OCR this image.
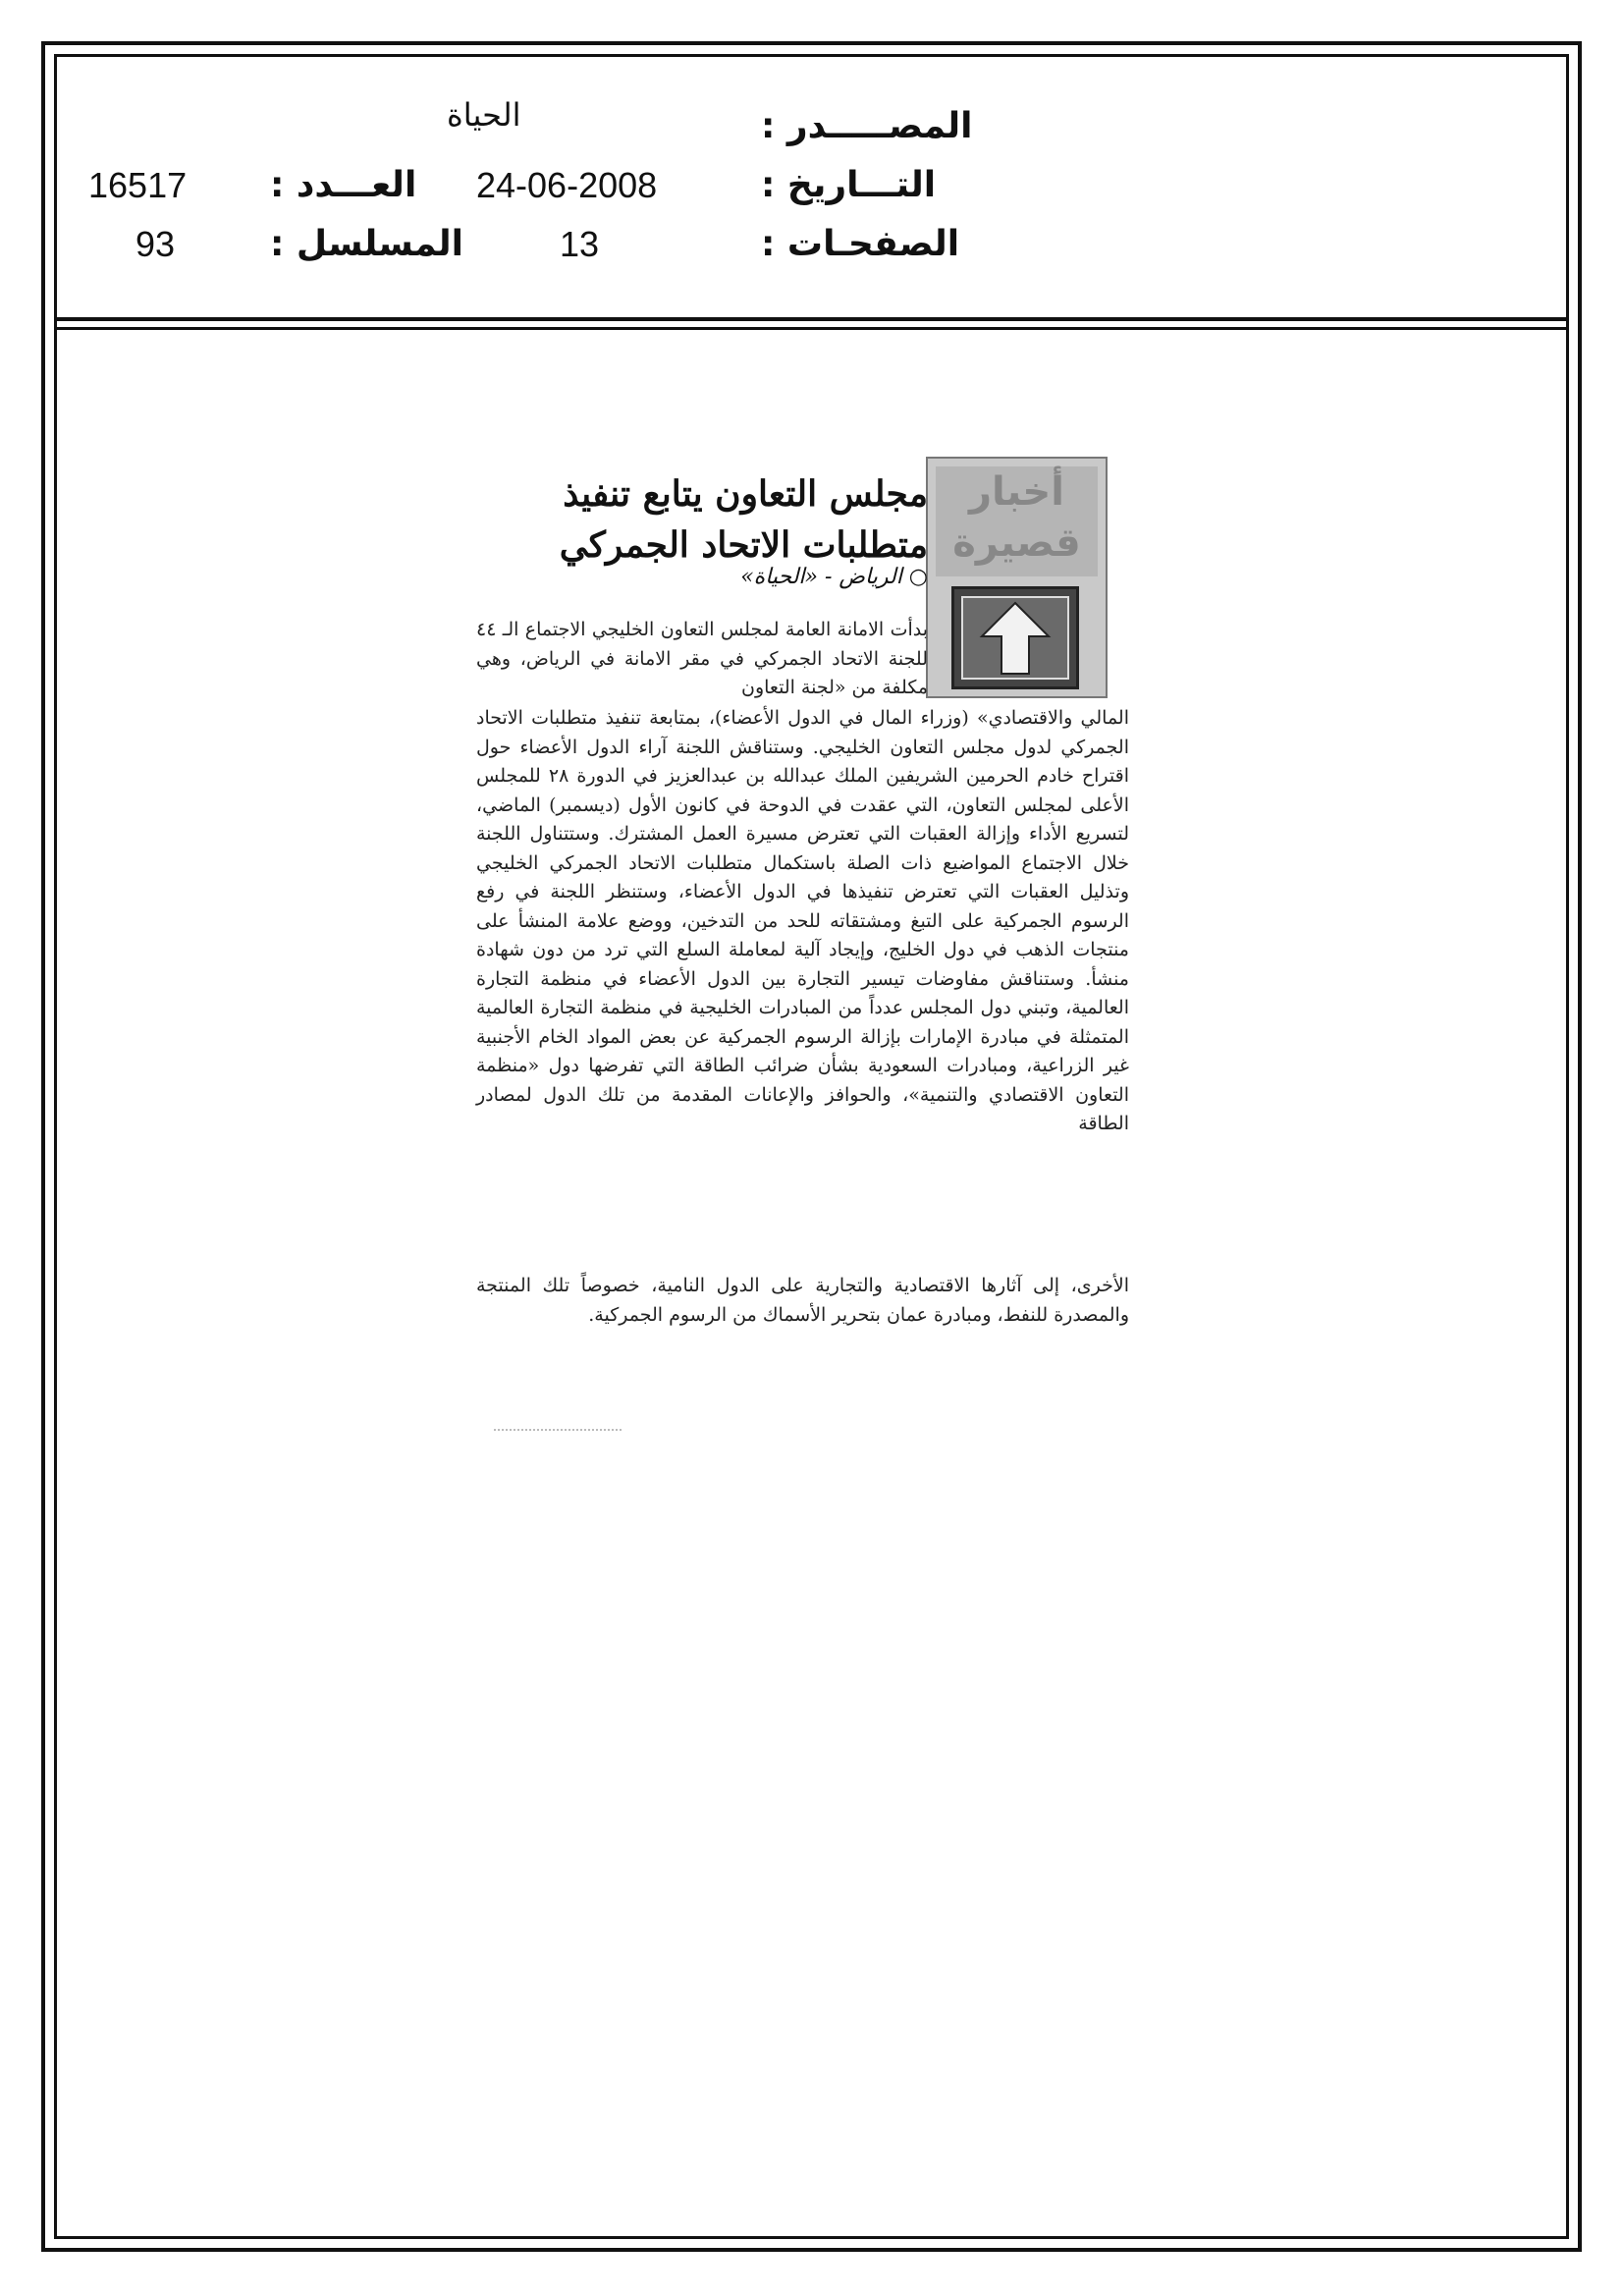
المصـــــدر :
الحياة
التـــاريخ :
24-06-2008
العـــدد :
16517
الصفحـات :
13
المسلسل :
93
أخبار قصيرة
مجلس التعاون يتابع تنفيذ
متطلبات الاتحاد الجمركي
○ الرياض - «الحياة»
بدأت الامانة العامة لمجلس التعاون الخليجي الاجتماع الـ ٤٤ للجنة الاتحاد الجمركي في مقر الامانة في الرياض، وهي مكلفة من «لجنة التعاون
المالي والاقتصادي» (وزراء المال في الدول الأعضاء)، بمتابعة تنفيذ متطلبات الاتحاد الجمركي لدول مجلس التعاون الخليجي. وستناقش اللجنة آراء الدول الأعضاء حول اقتراح خادم الحرمين الشريفين الملك عبدالله بن عبدالعزيز في الدورة ٢٨ للمجلس الأعلى لمجلس التعاون، التي عقدت في الدوحة في كانون الأول (ديسمبر) الماضي، لتسريع الأداء وإزالة العقبات التي تعترض مسيرة العمل المشترك. وستتناول اللجنة خلال الاجتماع المواضيع ذات الصلة باستكمال متطلبات الاتحاد الجمركي الخليجي وتذليل العقبات التي تعترض تنفيذها في الدول الأعضاء، وستنظر اللجنة في رفع الرسوم الجمركية على التبغ ومشتقاته للحد من التدخين، ووضع علامة المنشأ على منتجات الذهب في دول الخليج، وإيجاد آلية لمعاملة السلع التي ترد من دون شهادة منشأ. وستناقش مفاوضات تيسير التجارة بين الدول الأعضاء في منظمة التجارة العالمية، وتبني دول المجلس عدداً من المبادرات الخليجية في منظمة التجارة العالمية المتمثلة في مبادرة الإمارات بإزالة الرسوم الجمركية عن بعض المواد الخام الأجنبية غير الزراعية، ومبادرات السعودية بشأن ضرائب الطاقة التي تفرضها دول «منظمة التعاون الاقتصادي والتنمية»، والحوافز والإعانات المقدمة من تلك الدول لمصادر الطاقة
الأخرى، إلى آثارها الاقتصادية والتجارية على الدول النامية، خصوصاً تلك المنتجة والمصدرة للنفط، ومبادرة عمان بتحرير الأسماك من الرسوم الجمركية.
